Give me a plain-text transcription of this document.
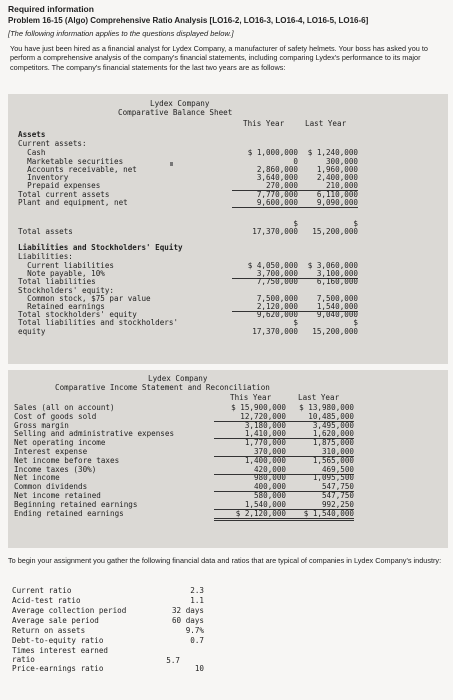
Required information
Problem 16-15 (Algo) Comprehensive Ratio Analysis [LO16-2, LO16-3, LO16-4, LO16-5, LO16-6]
[The following information applies to the questions displayed below.]
You have just been hired as a financial analyst for Lydex Company, a manufacturer of safety helmets. Your boss has asked you to perform a comprehensive analysis of the company's financial statements, including comparing Lydex's performance to its major competitors. The company's financial statements for the last two years are as follows:
Lydex Company
Comparative Balance Sheet
This Year	Last Year
Assets
Current assets:
Cash	$ 1,000,000	$ 1,240,000
Marketable securities	0	300,000
Accounts receivable, net	2,860,000	1,960,000
Inventory	3,640,000	2,400,000
Prepaid expenses	270,000	210,000
Total current assets	7,770,000	6,110,000
Plant and equipment, net	9,600,000	9,090,000
$	$
Total assets	17,370,000	15,200,000
Liabilities and Stockholders' Equity
Liabilities:
Current liabilities	$ 4,050,000	$ 3,060,000
Note payable, 10%	3,700,000	3,100,000
Total liabilities	7,750,000	6,160,000
Stockholders' equity:
Common stock, $75 par value	7,500,000	7,500,000
Retained earnings	2,120,000	1,540,000
Total stockholders' equity	9,620,000	9,040,000
Total liabilities and stockholders'	$	$
equity	17,370,000	15,200,000
Lydex Company
Comparative Income Statement and Reconciliation
This Year	Last Year
Sales (all on account)	$ 15,900,000	$ 13,980,000
Cost of goods sold	12,720,000	10,485,000
Gross margin	3,180,000	3,495,000
Selling and administrative expenses	1,410,000	1,620,000
Net operating income	1,770,000	1,875,000
Interest expense	370,000	310,000
Net income before taxes	1,400,000	1,565,000
Income taxes (30%)	420,000	469,500
Net income	980,000	1,095,500
Common dividends	400,000	547,750
Net income retained	580,000	547,750
Beginning retained earnings	1,540,000	992,250
Ending retained earnings	$ 2,120,000	$ 1,540,000
To begin your assignment you gather the following financial data and ratios that are typical of companies in Lydex Company's industry:
Current ratio	2.3
Acid-test ratio	1.1
Average collection period	32 days
Average sale period	60 days
Return on assets	9.7%
Debt-to-equity ratio	0.7
Times interest earned ratio	5.7
Price-earnings ratio	10
